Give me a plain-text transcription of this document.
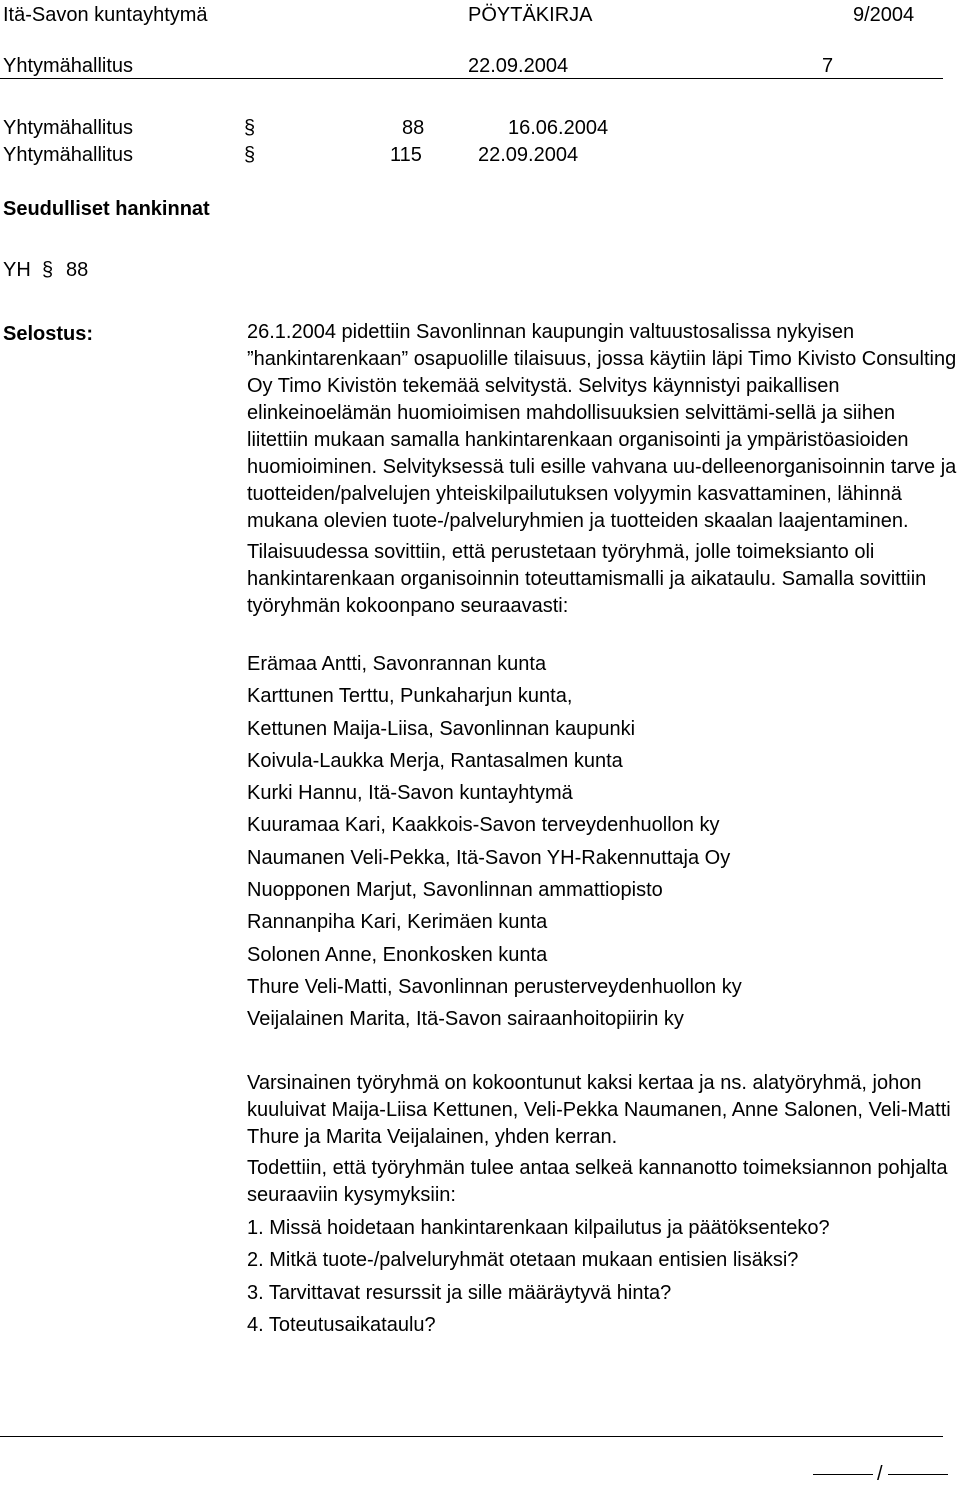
Itä-Savon kuntayhtymä	PÖYTÄKIRJA	9/2004
Yhtymähallitus	22.09.2004	7
Yhtymähallitus	§	88	16.06.2004
Yhtymähallitus	§	115	22.09.2004
Seudulliset hankinnat
YH § 88
Selostus:	26.1.2004 pidettiin Savonlinnan kaupungin valtuustosalissa nykyisen ”hankintarenkaan” osapuolille tilaisuus, jossa käytiin läpi Timo Kivisto Consulting Oy Timo Kivistön tekemää selvitystä. Selvitys käynnistyi paikallisen elinkeinoelämän huomioimisen mahdollisuuksien selvittämi-sellä ja siihen liitettiin mukaan samalla hankintarenkaan organisointi ja ympäristöasioiden huomioiminen. Selvityksessä tuli esille vahvana uu-delleenorganisoinnin tarve ja tuotteiden/palvelujen yhteiskilpailutuksen volyymin kasvattaminen, lähinnä mukana olevien tuote-/palveluryhmien ja tuotteiden skaalan laajentaminen.

Tilaisuudessa sovittiin, että perustetaan työryhmä, jolle toimeksianto oli hankintarenkaan organisoinnin toteuttamismalli ja aikataulu. Samalla sovittiin työryhmän kokoonpano seuraavasti:

Erämaa Antti, Savonrannan kunta
Karttunen Terttu, Punkaharjun kunta,
Kettunen Maija-Liisa, Savonlinnan kaupunki
Koivula-Laukka Merja, Rantasalmen kunta
Kurki Hannu, Itä-Savon kuntayhtymä
Kuuramaa Kari, Kaakkois-Savon terveydenhuollon ky
Naumanen Veli-Pekka, Itä-Savon YH-Rakennuttaja Oy
Nuopponen Marjut, Savonlinnan ammattiopisto
Rannanpiha Kari, Kerimäen kunta
Solonen Anne, Enonkosken kunta
Thure Veli-Matti, Savonlinnan perusterveydenhuollon ky
Veijalainen Marita, Itä-Savon sairaanhoitopiirin ky

Varsinainen työryhmä on kokoontunut kaksi kertaa ja ns. alatyöryhmä, johon kuuluivat Maija-Liisa Kettunen, Veli-Pekka Naumanen, Anne Salonen, Veli-Matti Thure ja Marita Veijalainen, yhden kerran.

Todettiin, että työryhmän tulee antaa selkeä kannanotto toimeksiannon pohjalta seuraaviin kysymyksiin:

1. Missä hoidetaan hankintarenkaan kilpailutus ja päätöksenteko?
2. Mitkä tuote-/palveluryhmät otetaan mukaan entisien lisäksi?
3. Tarvittavat resurssit ja sille määräytyvä hinta?
4. Toteutusaikataulu?
/
